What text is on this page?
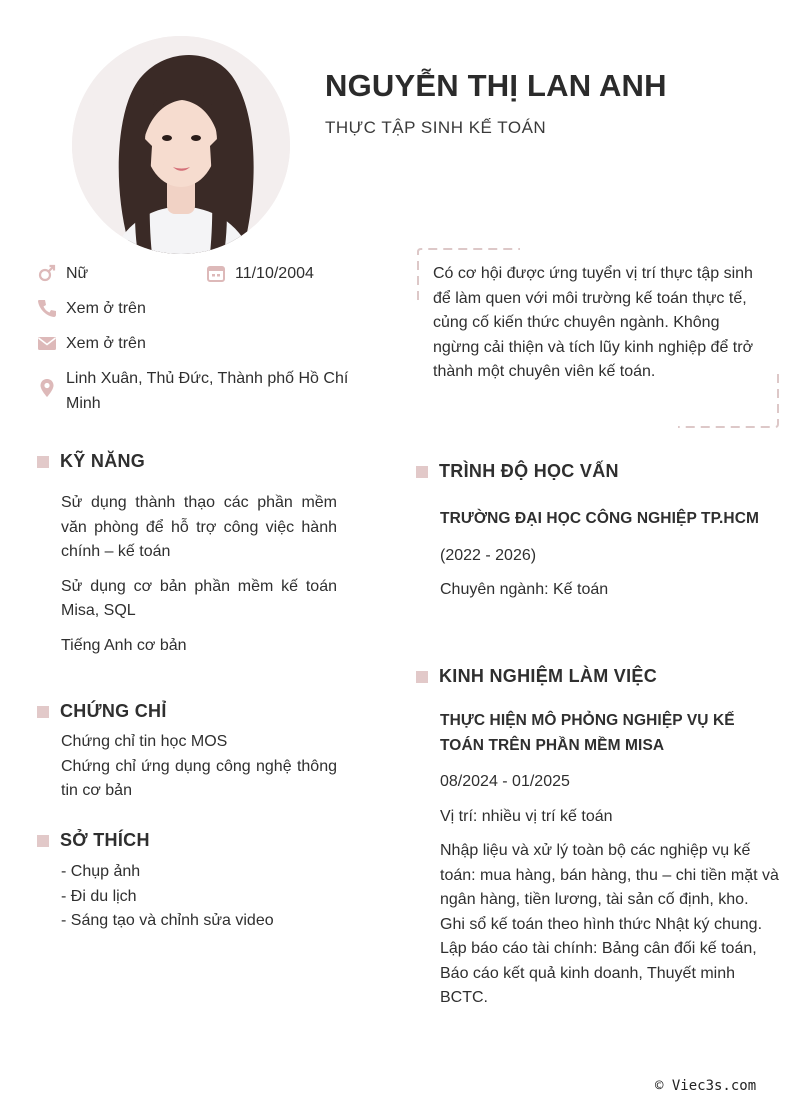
NGUYỄN THỊ LAN ANH
THỰC TẬP SINH KẾ TOÁN
Nữ	11/10/2004
Xem ở trên
Xem ở trên
Linh Xuân, Thủ Đức, Thành phố Hồ Chí Minh

Có cơ hội được ứng tuyển vị trí thực tập sinh để làm quen với môi trường kế toán thực tế, củng cố kiến thức chuyên ngành. Không ngừng cải thiện và tích lũy kinh nghiệp để trở thành một chuyên viên kế toán.

KỸ NĂNG
Sử dụng thành thạo các phần mềm văn phòng để hỗ trợ công việc hành chính – kế toán
Sử dụng cơ bản phần mềm kế toán Misa, SQL
Tiếng Anh cơ bản
CHỨNG CHỈ
Chứng chỉ tin học MOS
Chứng chỉ ứng dụng công nghệ thông tin cơ bản
SỞ THÍCH
- Chụp ảnh
- Đi du lịch
- Sáng tạo và chỉnh sửa video
TRÌNH ĐỘ HỌC VẤN
TRƯỜNG ĐẠI HỌC CÔNG NGHIỆP TP.HCM
(2022 - 2026)
Chuyên ngành: Kế toán
KINH NGHIỆM LÀM VIỆC
THỰC HIỆN MÔ PHỎNG NGHIỆP VỤ KẾ TOÁN TRÊN PHẦN MỀM MISA
08/2024 - 01/2025
Vị trí: nhiều vị trí kế toán
Nhập liệu và xử lý toàn bộ các nghiệp vụ kế toán: mua hàng, bán hàng, thu – chi tiền mặt và ngân hàng, tiền lương, tài sản cố định, kho.
Ghi sổ kế toán theo hình thức Nhật ký chung.
Lập báo cáo tài chính: Bảng cân đối kế toán, Báo cáo kết quả kinh doanh, Thuyết minh BCTC.
© Viec3s.com
